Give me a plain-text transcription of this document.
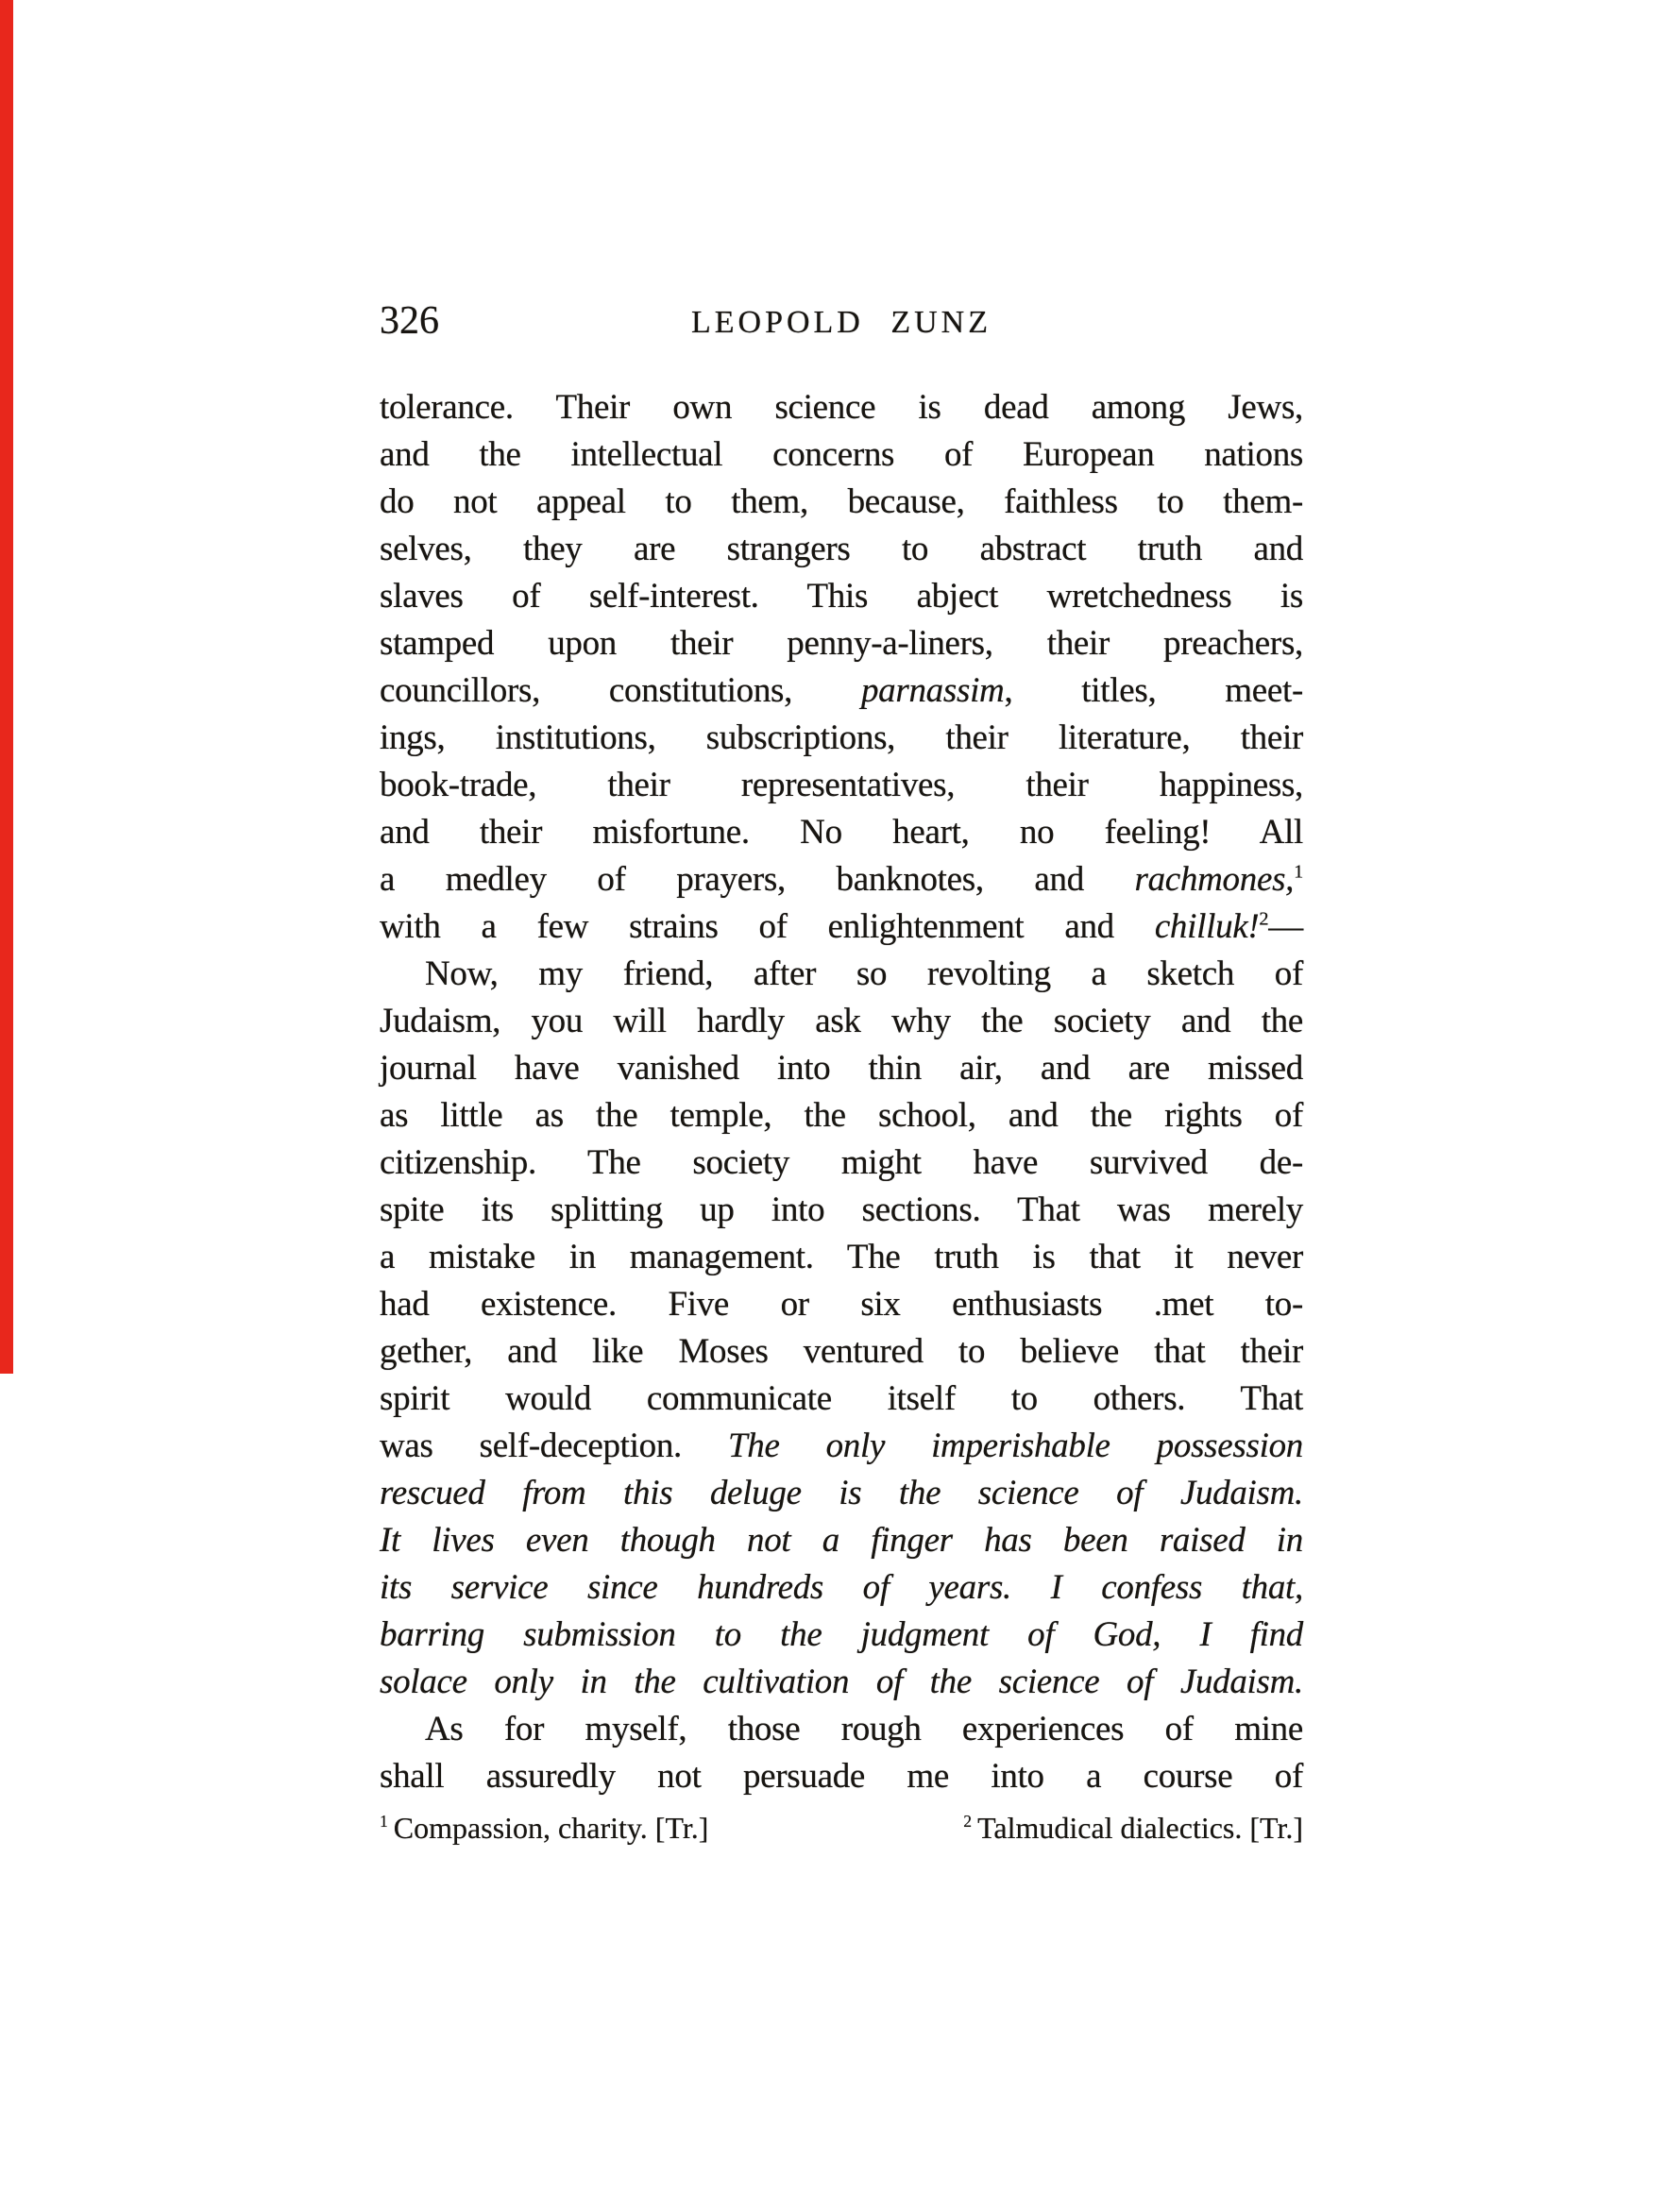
326	LEOPOLD ZUNZ
tolerance. Their own science is dead among Jews,
and the intellectual concerns of European nations
do not appeal to them, because, faithless to them-
selves, they are strangers to abstract truth and
slaves of self-interest. This abject wretchedness is
stamped upon their penny-a-liners, their preachers,
councillors, constitutions, parnassim, titles, meet-
ings, institutions, subscriptions, their literature, their
book-trade, their representatives, their happiness,
and their misfortune. No heart, no feeling! All
a medley of prayers, banknotes, and rachmones,$^1$
with a few strains of enlightenment and chilluk!$^2$—
Now, my friend, after so revolting a sketch of
Judaism, you will hardly ask why the society and the
journal have vanished into thin air, and are missed
as little as the temple, the school, and the rights of
citizenship. The society might have survived de-
spite its splitting up into sections. That was merely
a mistake in management. The truth is that it never
had existence. Five or six enthusiasts .met to-
gether, and like Moses ventured to believe that their
spirit would communicate itself to others. That
was self-deception. The only imperishable possession
rescued from this deluge is the science of Judaism.
It lives even though not a finger has been raised in
its service since hundreds of years. I confess that,
barring submission to the judgment of God, I find
solace only in the cultivation of the science of Judaism.
As for myself, those rough experiences of mine
shall assuredly not persuade me into a course of
$^1$ Compassion, charity. [Tr.]	$^2$ Talmudical dialectics. [Tr.]
